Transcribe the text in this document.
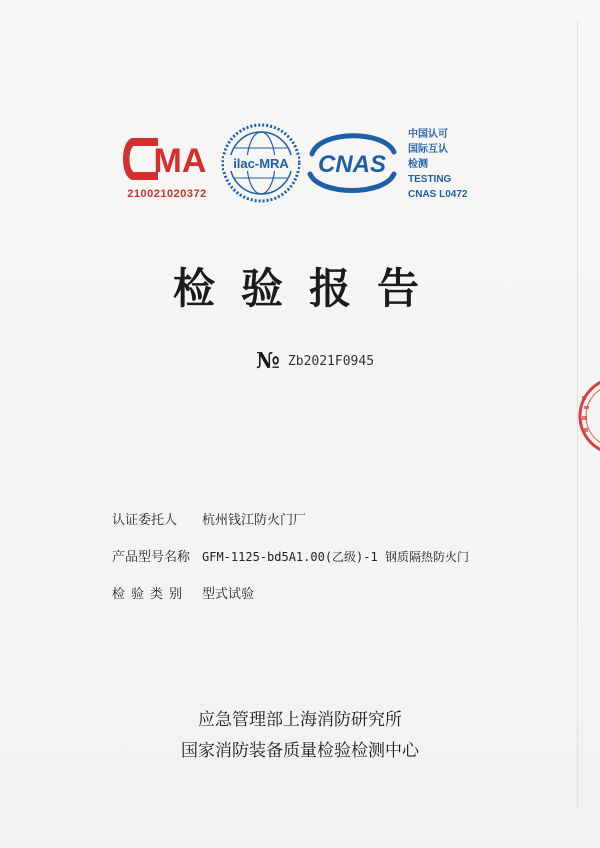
MA
210021020372
ilac-MRA CNAS
中国认可
国际互认
检测
TESTING
CNAS L0472
检验报告
№ Zb2021F0945
认证委托人 杭州钱江防火门厂
产品型号名称 GFM-1125-bd5A1.00(乙级)-1 钢质隔热防火门
检验类别 型式试验
应急管理部上海消防研究所
国家消防装备质量检验检测中心
